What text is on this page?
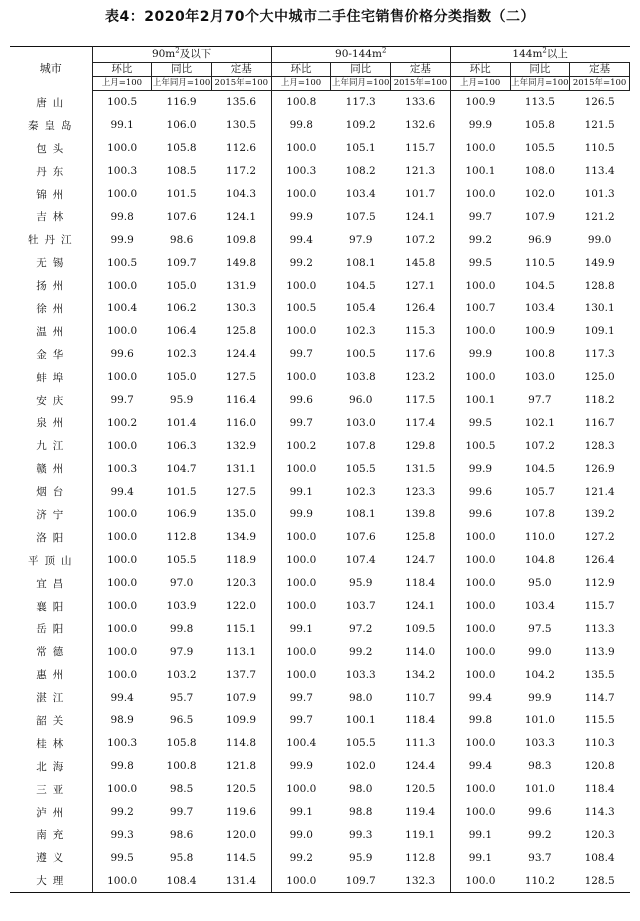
表4：2020年2月70个大中城市二手住宅销售价格分类指数（二）
城市	$90m^2$及以下			$90-144m^2$			$144m^2$以上		
	环比	同比	定基	环比	同比	定基	环比	同比	定基
	上月=100	上年同月=100	2015年=100	上月=100	上年同月=100	2015年=100	上月=100	上年同月=100	2015年=100
唐山	100.5	116.9	135.6	100.8	117.3	133.6	100.9	113.5	126.5
秦皇岛	99.1	106.0	130.5	99.8	109.2	132.6	99.9	105.8	121.5
包头	100.0	105.8	112.6	100.0	105.1	115.7	100.0	105.5	110.5
丹东	100.3	108.5	117.2	100.3	108.2	121.3	100.1	108.0	113.4
锦州	100.0	101.5	104.3	100.0	103.4	101.7	100.0	102.0	101.3
吉林	99.8	107.6	124.1	99.9	107.5	124.1	99.7	107.9	121.2
牡丹江	99.9	98.6	109.8	99.4	97.9	107.2	99.2	96.9	99.0
无锡	100.5	109.7	149.8	99.2	108.1	145.8	99.5	110.5	149.9
扬州	100.0	105.0	131.9	100.0	104.5	127.1	100.0	104.5	128.8
徐州	100.4	106.2	130.3	100.5	105.4	126.4	100.7	103.4	130.1
温州	100.0	106.4	125.8	100.0	102.3	115.3	100.0	100.9	109.1
金华	99.6	102.3	124.4	99.7	100.5	117.6	99.9	100.8	117.3
蚌埠	100.0	105.0	127.5	100.0	103.8	123.2	100.0	103.0	125.0
安庆	99.7	95.9	116.4	99.6	96.0	117.5	100.1	97.7	118.2
泉州	100.2	101.4	116.0	99.7	103.0	117.4	99.5	102.1	116.7
九江	100.0	106.3	132.9	100.2	107.8	129.8	100.5	107.2	128.3
赣州	100.3	104.7	131.1	100.0	105.5	131.5	99.9	104.5	126.9
烟台	99.4	101.5	127.5	99.1	102.3	123.3	99.6	105.7	121.4
济宁	100.0	106.9	135.0	99.9	108.1	139.8	99.6	107.8	139.2
洛阳	100.0	112.8	134.9	100.0	107.6	125.8	100.0	110.0	127.2
平顶山	100.0	105.5	118.9	100.0	107.4	124.7	100.0	104.8	126.4
宜昌	100.0	97.0	120.3	100.0	95.9	118.4	100.0	95.0	112.9
襄阳	100.0	103.9	122.0	100.0	103.7	124.1	100.0	103.4	115.7
岳阳	100.0	99.8	115.1	99.1	97.2	109.5	100.0	97.5	113.3
常德	100.0	97.9	113.1	100.0	99.2	114.0	100.0	99.0	113.9
惠州	100.0	103.2	137.7	100.0	103.3	134.2	100.0	104.2	135.5
湛江	99.4	95.7	107.9	99.7	98.0	110.7	99.4	99.9	114.7
韶关	98.9	96.5	109.9	99.7	100.1	118.4	99.8	101.0	115.5
桂林	100.3	105.8	114.8	100.4	105.5	111.3	100.0	103.3	110.3
北海	99.8	100.8	121.8	99.9	102.0	124.4	99.4	98.3	120.8
三亚	100.0	98.5	120.5	100.0	98.0	120.5	100.0	101.0	118.4
泸州	99.2	99.7	119.6	99.1	98.8	119.4	100.0	99.6	114.3
南充	99.3	98.6	120.0	99.0	99.3	119.1	99.1	99.2	120.3
遵义	99.5	95.8	114.5	99.2	95.9	112.8	99.1	93.7	108.4
大理	100.0	108.4	131.4	100.0	109.7	132.3	100.0	110.2	128.5
